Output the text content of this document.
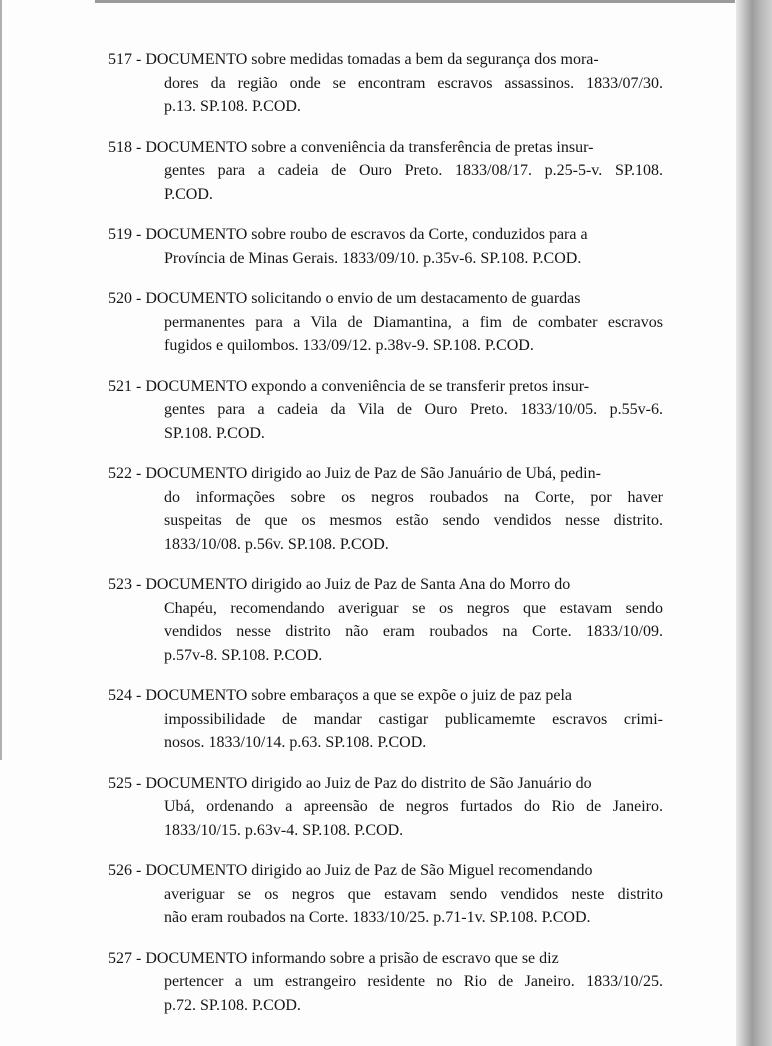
517 - DOCUMENTO sobre medidas tomadas a bem da segurança dos mora-
dores da região onde se encontram escravos assassinos. 1833/07/30.
p.13. SP.108. P.COD.
518 - DOCUMENTO sobre a conveniência da transferência de pretas insur-
gentes para a cadeia de Ouro Preto. 1833/08/17. p.25-5-v. SP.108.
P.COD.
519 - DOCUMENTO sobre roubo de escravos da Corte, conduzidos para a
Província de Minas Gerais. 1833/09/10. p.35v-6. SP.108. P.COD.
520 - DOCUMENTO solicitando o envio de um destacamento de guardas
permanentes para a Vila de Diamantina, a fim de combater escravos
fugidos e quilombos. 133/09/12. p.38v-9. SP.108. P.COD.
521 - DOCUMENTO expondo a conveniência de se transferir pretos insur-
gentes para a cadeia da Vila de Ouro Preto. 1833/10/05. p.55v-6.
SP.108. P.COD.
522 - DOCUMENTO dirigido ao Juiz de Paz de São Januário de Ubá, pedin-
do informações sobre os negros roubados na Corte, por haver
suspeitas de que os mesmos estão sendo vendidos nesse distrito.
1833/10/08. p.56v. SP.108. P.COD.
523 - DOCUMENTO dirigido ao Juiz de Paz de Santa Ana do Morro do
Chapéu, recomendando averiguar se os negros que estavam sendo
vendidos nesse distrito não eram roubados na Corte. 1833/10/09.
p.57v-8. SP.108. P.COD.
524 - DOCUMENTO sobre embaraços a que se expõe o juiz de paz pela
impossibilidade de mandar castigar publicamemte escravos crimi-
nosos. 1833/10/14. p.63. SP.108. P.COD.
525 - DOCUMENTO dirigido ao Juiz de Paz do distrito de São Januário do
Ubá, ordenando a apreensão de negros furtados do Rio de Janeiro.
1833/10/15. p.63v-4. SP.108. P.COD.
526 - DOCUMENTO dirigido ao Juiz de Paz de São Miguel recomendando
averiguar se os negros que estavam sendo vendidos neste distrito
não eram roubados na Corte. 1833/10/25. p.71-1v. SP.108. P.COD.
527 - DOCUMENTO informando sobre a prisão de escravo que se diz
pertencer a um estrangeiro residente no Rio de Janeiro. 1833/10/25.
p.72. SP.108. P.COD.
